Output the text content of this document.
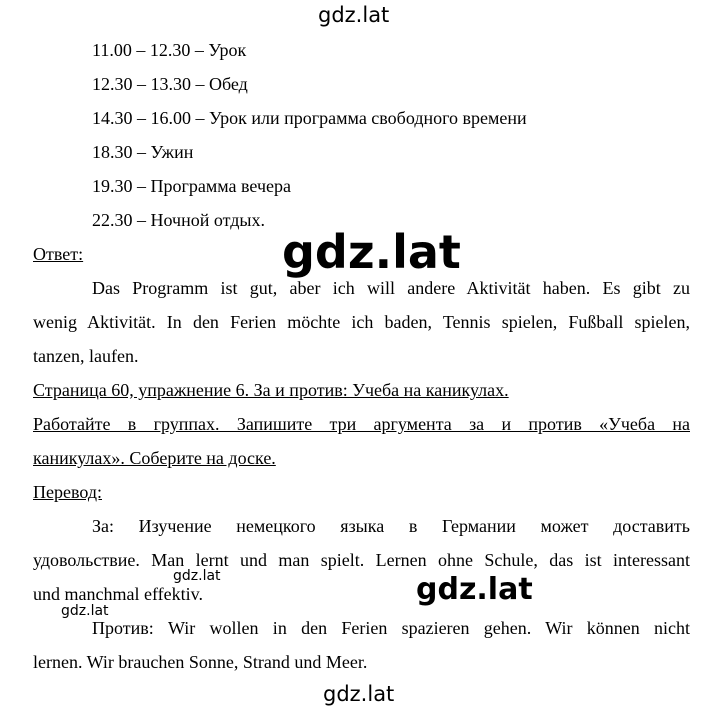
gdz.lat
11.00 – 12.30 – Урок
12.30 – 13.30 – Обед
14.30 – 16.00 – Урок или программа свободного времени
18.30 – Ужин
19.30 – Программа вечера
22.30 – Ночной отдых.
Ответ:	gdz.lat
Das Programm ist gut, aber ich will andere Aktivität haben. Es gibt zu
wenig Aktivität. In den Ferien möchte ich baden, Tennis spielen, Fußball spielen,
tanzen, laufen.
Страница 60, упражнение 6. За и против: Учеба на каникулах.
Работайте в группах. Запишите три аргумента за и против «Учеба на
каникулах». Соберите на доске.
Перевод:
За: Изучение немецкого языка в Германии может доставить
удовольствие. Man lernt und man spielt. Lernen ohne Schule, das ist interessant
und manchmal effektiv.
gdz.lat	gdz.lat
gdz.lat
Против: Wir wollen in den Ferien spazieren gehen. Wir können nicht
lernen. Wir brauchen Sonne, Strand und Meer.
gdz.lat
